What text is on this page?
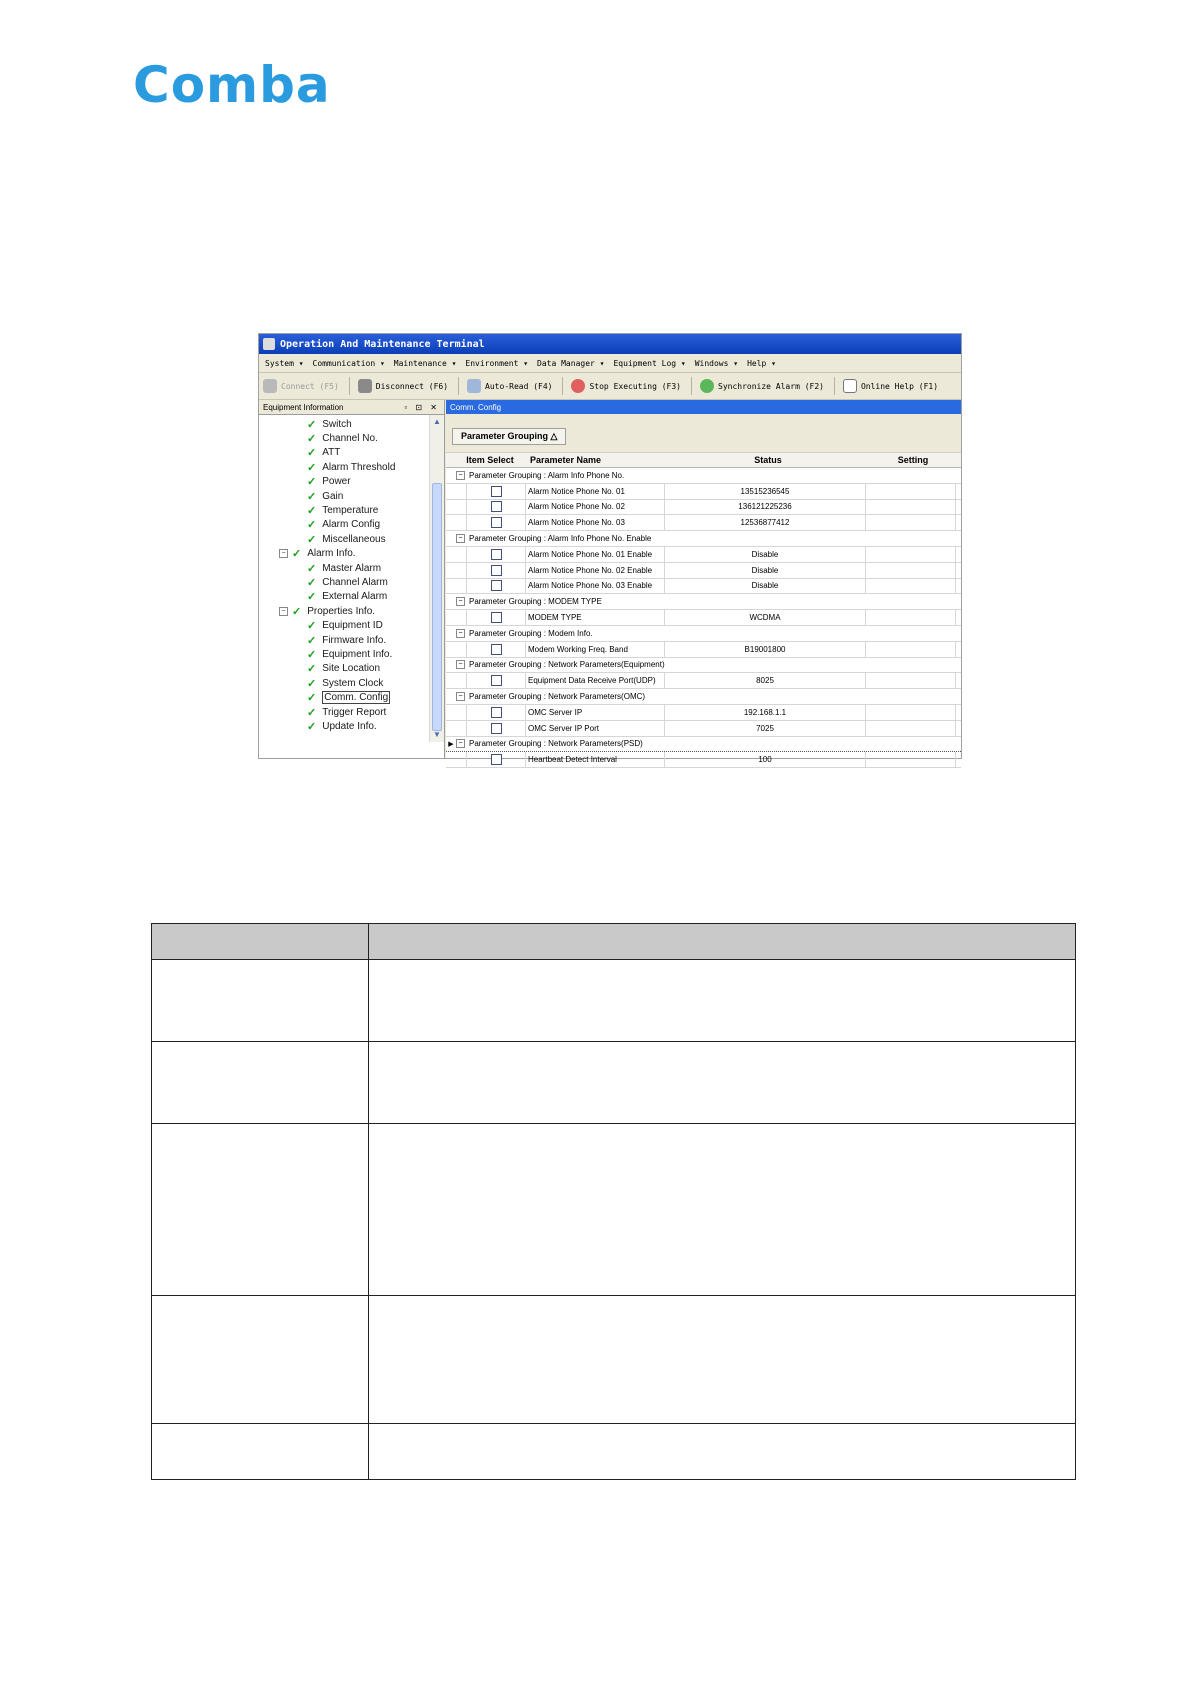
Comba
Operation And Maintenance Terminal
System ▾ Communication ▾ Maintenance ▾ Environment ▾ Data Manager ▾ Equipment Log ▾ Windows ▾ Help ▾
Connect (F5)	Disconnect (F6)	Auto-Read (F4)	Stop Executing (F3)	Synchronize Alarm (F2)	Online Help (F1)
Equipment Information	▫ ⊡ ✕
✓ Switch
✓ Channel No.
✓ ATT
✓ Alarm Threshold
✓ Power
✓ Gain
✓ Temperature
✓ Alarm Config
✓ Miscellaneous
− ✓ Alarm Info.
✓ Master Alarm
✓ Channel Alarm
✓ External Alarm
− ✓ Properties Info.
✓ Equipment ID
✓ Firmware Info.
✓ Equipment Info.
✓ Site Location
✓ System Clock
✓ Comm. Config
✓ Trigger Report
✓ Update Info.
▲
▼
Comm. Config
Parameter Grouping △
Item Select	Parameter Name	Status	Setting
− Parameter Grouping : Alarm Info Phone No.
Alarm Notice Phone No. 01	13515236545
Alarm Notice Phone No. 02	136121225236
Alarm Notice Phone No. 03	12536877412
− Parameter Grouping : Alarm Info Phone No. Enable
Alarm Notice Phone No. 01 Enable	Disable
Alarm Notice Phone No. 02 Enable	Disable
Alarm Notice Phone No. 03 Enable	Disable
− Parameter Grouping : MODEM TYPE
MODEM TYPE	WCDMA
− Parameter Grouping : Modem Info.
Modem Working Freq. Band	B19001800
− Parameter Grouping : Network Parameters(Equipment)
Equipment Data Receive Port(UDP)	8025
− Parameter Grouping : Network Parameters(OMC)
OMC Server IP	192.168.1.1
OMC Server IP Port	7025
▶ − Parameter Grouping : Network Parameters(PSD)
Heartbeat Detect Interval	100
